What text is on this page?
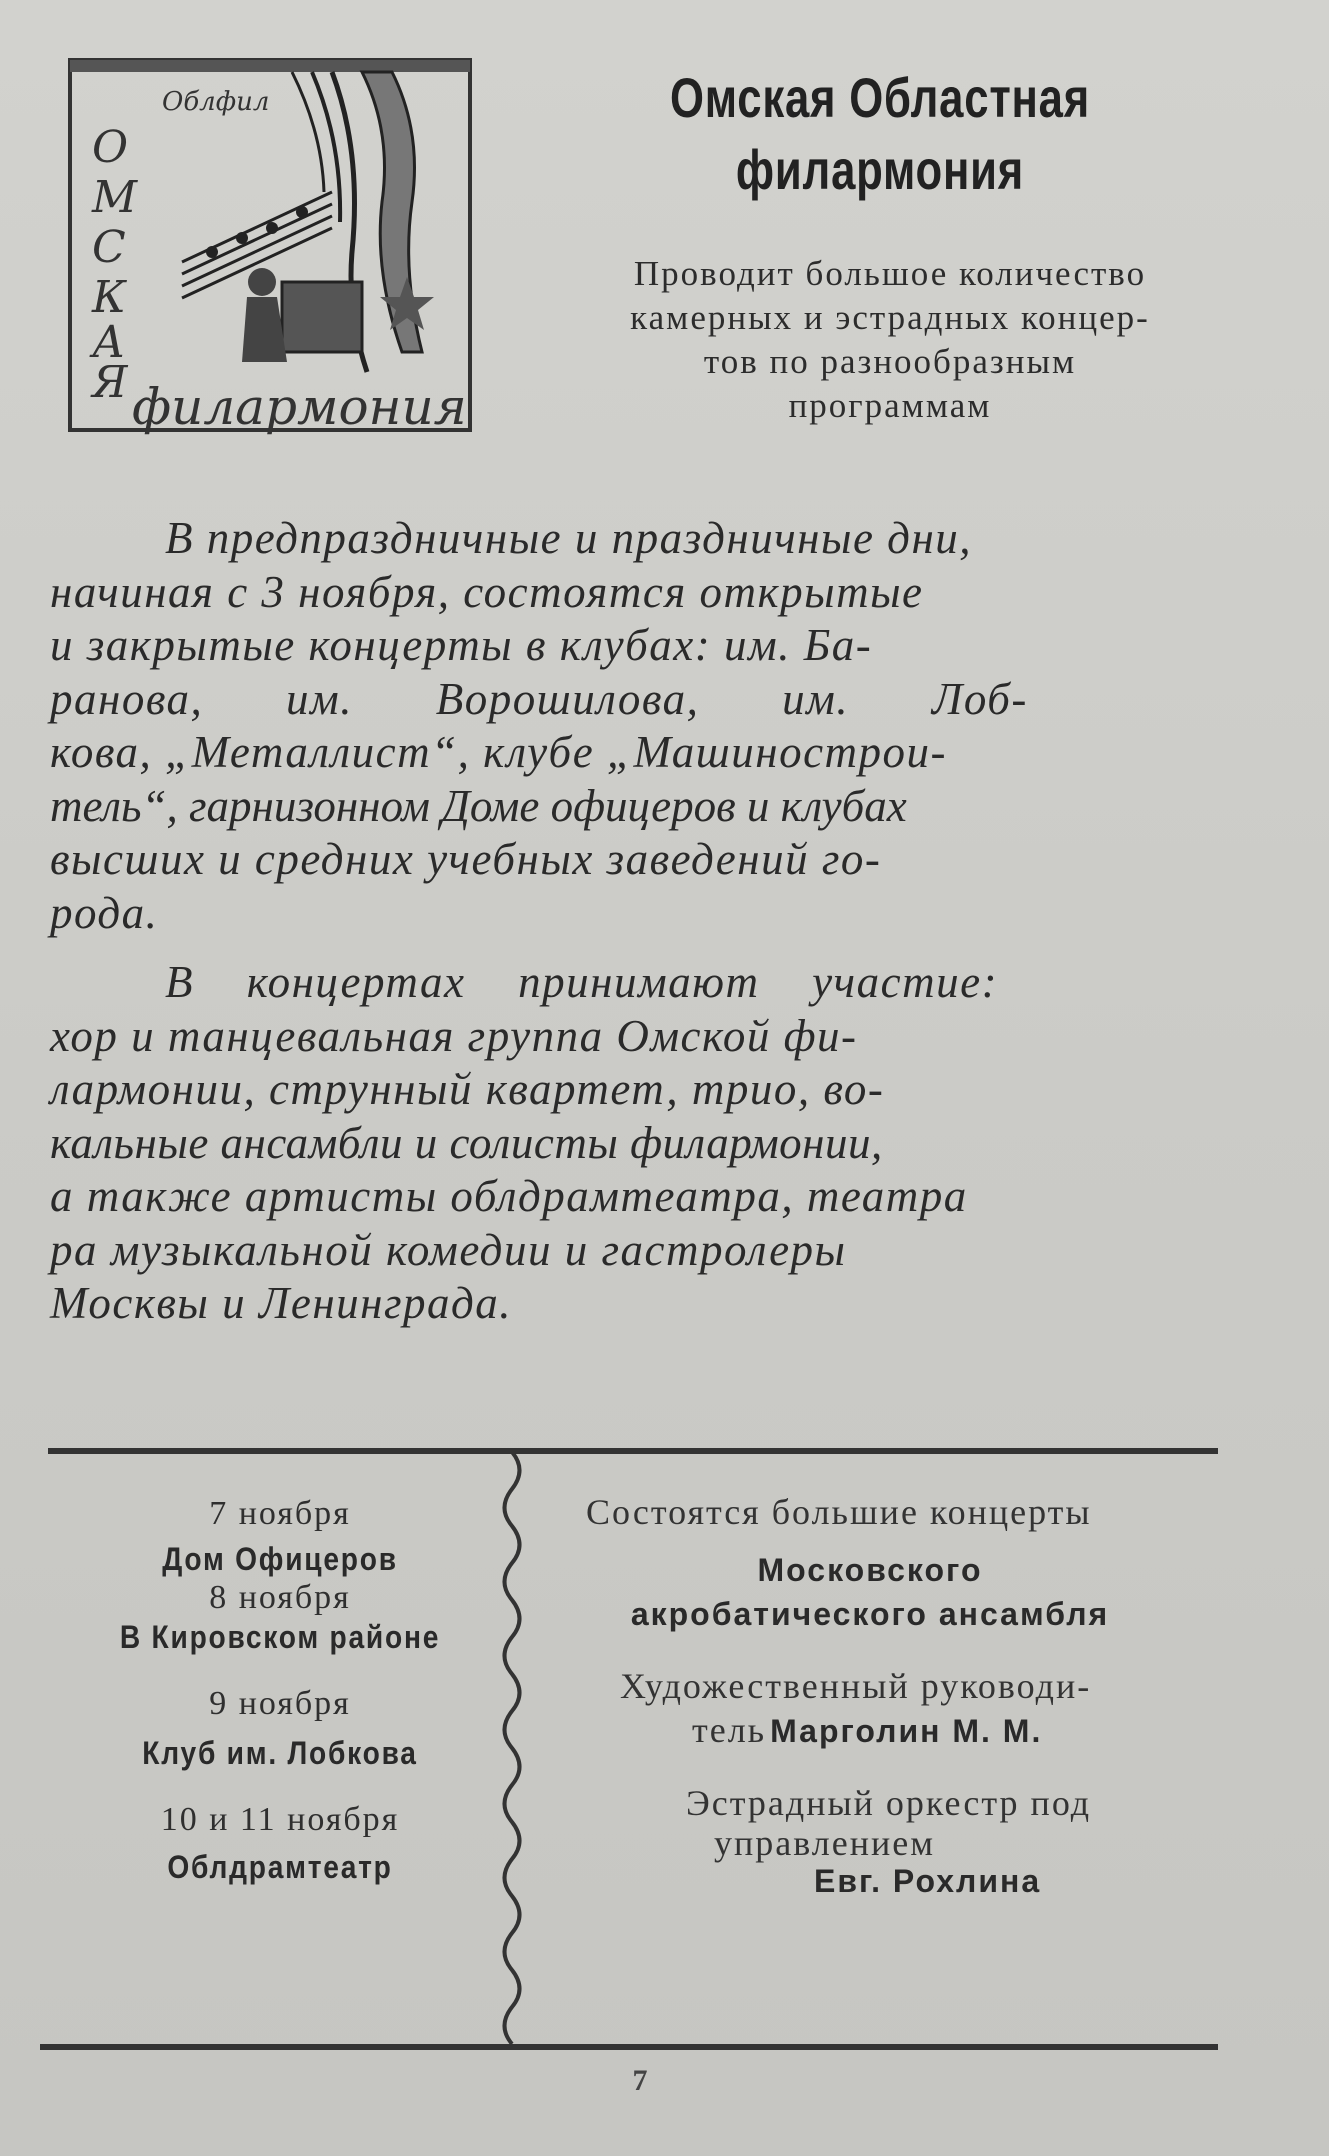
О
М
С
К
А
Я
Облфил
филармония
Омская Областная
филармония
Проводит большое количество
камерных и эстрадных концер-
тов по разнообразным
программам
В предпраздничные и праздничные дни,
начиная с 3 ноября, состоятся открытые
и закрытые концерты в клубах: им. Ба-
ранова, им. Ворошилова, им. Лоб-
кова, „Металлист“, клубе „Машинострои-
тель“, гарнизонном Доме офицеров и клубах
высших и средних учебных заведений го-
рода.
В концертах принимают участие:
хор и танцевальная группа Омской фи-
лармонии, струнный квартет, трио, во-
кальные ансамбли и солисты филармонии,
а также артисты облдрамтеатра, театра
ра музыкальной комедии и гастролеры
Москвы и Ленинграда.
7 ноября
Дом Офицеров
8 ноября
В Кировском районе
9 ноября
Клуб им. Лобкова
10 и 11 ноября
Облдрамтеатр
Состоятся большие концерты
Московского
акробатического ансамбля
Художественный руководи-
тель Марголин М. М.
Эстрадный оркестр под
управлением
Евг. Рохлина
7
